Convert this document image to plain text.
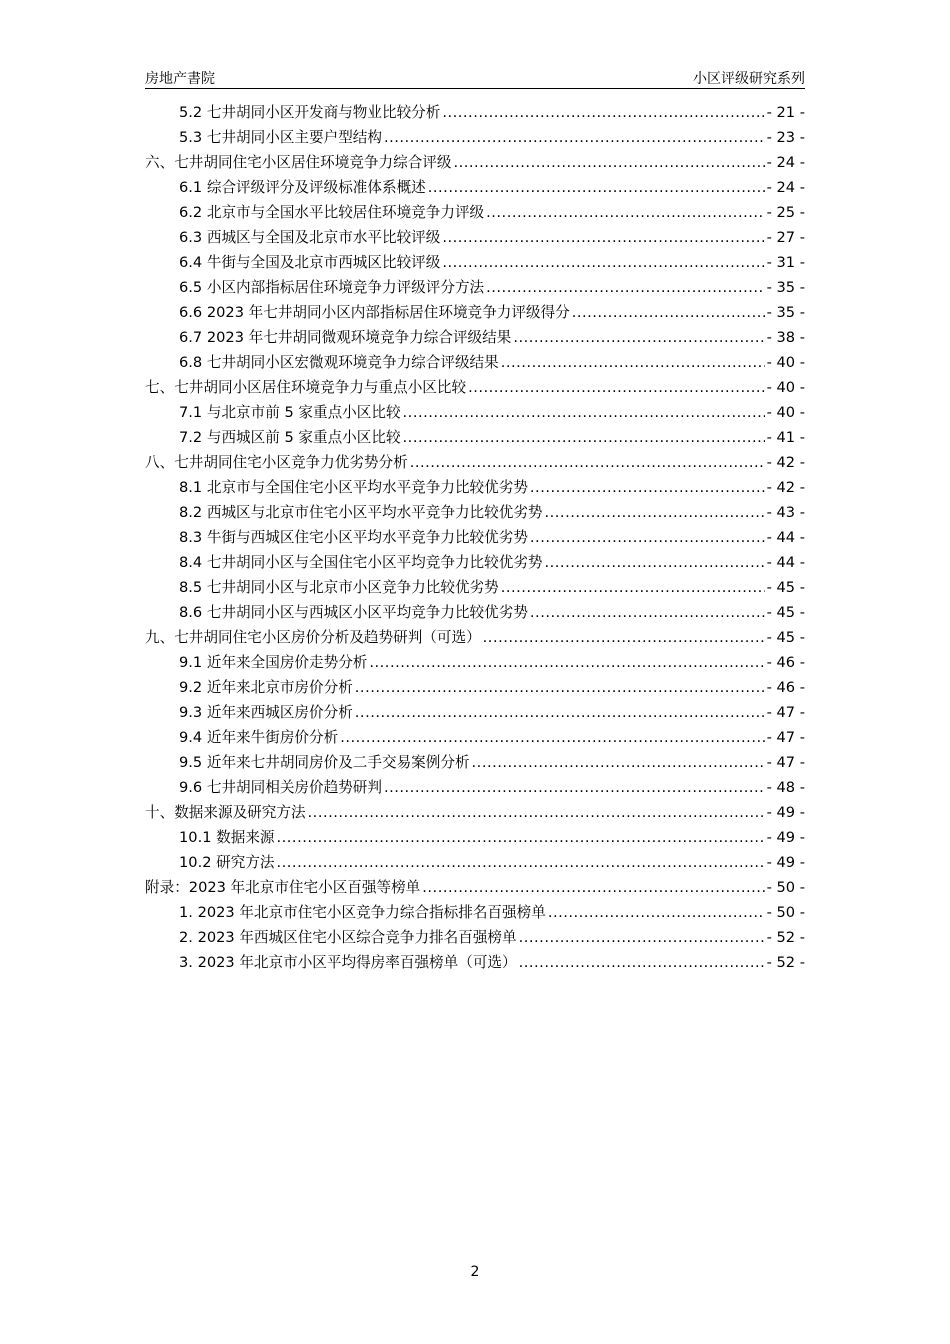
房地产書院	小区评级研究系列
5.2 七井胡同小区开发商与物业比较分析 .....	- 21 -
5.3 七井胡同小区主要户型结构 .....	- 23 -
六、七井胡同住宅小区居住环境竞争力综合评级 .....	- 24 -
6.1 综合评级评分及评级标准体系概述 .....	- 24 -
6.2 北京市与全国水平比较居住环境竞争力评级 .....	- 25 -
6.3 西城区与全国及北京市水平比较评级 .....	- 27 -
6.4 牛街与全国及北京市西城区比较评级 .....	- 31 -
6.5 小区内部指标居住环境竞争力评级评分方法 .....	- 35 -
6.6 2023 年七井胡同小区内部指标居住环境竞争力评级得分 .....	- 35 -
6.7 2023 年七井胡同微观环境竞争力综合评级结果 .....	- 38 -
6.8 七井胡同小区宏微观环境竞争力综合评级结果 .....	- 40 -
七、七井胡同小区居住环境竞争力与重点小区比较 .....	- 40 -
7.1 与北京市前 5 家重点小区比较 .....	- 40 -
7.2 与西城区前 5 家重点小区比较 .....	- 41 -
八、七井胡同住宅小区竞争力优劣势分析 .....	- 42 -
8.1 北京市与全国住宅小区平均水平竞争力比较优劣势 .....	- 42 -
8.2 西城区与北京市住宅小区平均水平竞争力比较优劣势 .....	- 43 -
8.3 牛街与西城区住宅小区平均水平竞争力比较优劣势 .....	- 44 -
8.4 七井胡同小区与全国住宅小区平均竞争力比较优劣势 .....	- 44 -
8.5 七井胡同小区与北京市小区竞争力比较优劣势 .....	- 45 -
8.6 七井胡同小区与西城区小区平均竞争力比较优劣势 .....	- 45 -
九、七井胡同住宅小区房价分析及趋势研判（可选） .....	- 45 -
9.1 近年来全国房价走势分析 .....	- 46 -
9.2 近年来北京市房价分析 .....	- 46 -
9.3 近年来西城区房价分析 .....	- 47 -
9.4 近年来牛街房价分析 .....	- 47 -
9.5 近年来七井胡同房价及二手交易案例分析 .....	- 47 -
9.6 七井胡同相关房价趋势研判 .....	- 48 -
十、数据来源及研究方法 .....	- 49 -
10.1 数据来源 .....	- 49 -
10.2 研究方法 .....	- 49 -
附录：2023 年北京市住宅小区百强等榜单 .....	- 50 -
1. 2023 年北京市住宅小区竞争力综合指标排名百强榜单 .....	- 50 -
2. 2023 年西城区住宅小区综合竞争力排名百强榜单 .....	- 52 -
3. 2023 年北京市小区平均得房率百强榜单（可选） .....	- 52 -
2
